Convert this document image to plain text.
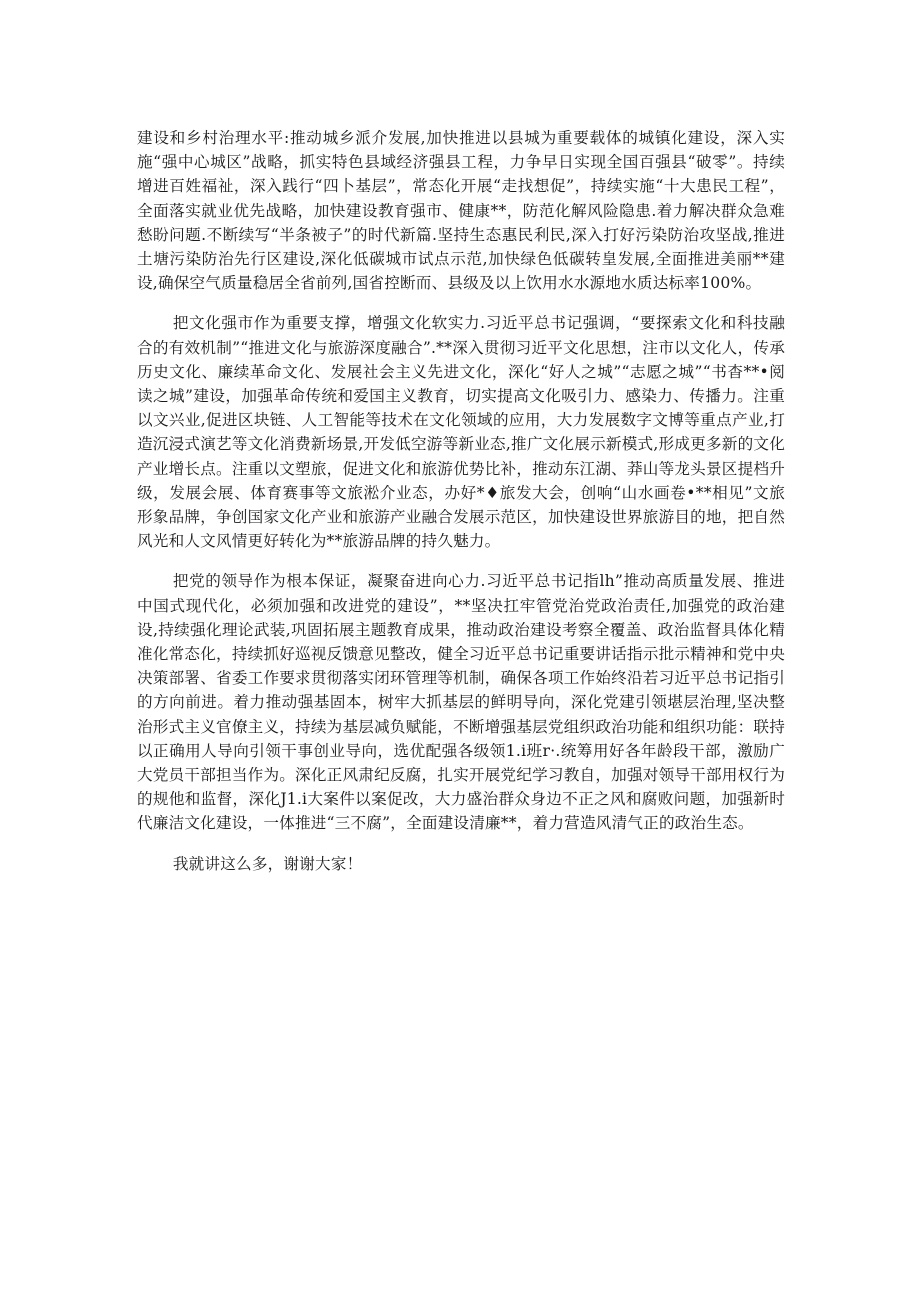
建设和乡村治理水平:推动城乡派介发展,加快推进以县城为重要载体的城镇化建设，深入实施“强中心城区”战略，抓实特色县域经济强县工程，力争早日实现全国百强县“破零”。持续增进百姓福祉，深入践行“四卜基层”，常态化开展“走找想促”，持续实施“十大患民工程”，全面落实就业优先战略，加快建设教育强市、健康**，防范化解风险隐患.着力解决群众急难愁盼问题.不断续写“半条被子”的时代新篇.坚持生态惠民利民,深入打好污染防治攻坚战,推进土塘污染防治先行区建设,深化低碳城市试点示范,加快绿色低碳转皇发展,全面推进美丽**建设,确保空气质量稳居全省前列,国省控断而、县级及以上饮用水水源地水质达标率100%。

把文化强市作为重要支撑，增强文化软实力.习近平总书记强调，“要探索文化和科技融合的有效机制”“推进文化与旅游深度融合”.**深入贯彻习近平文化思想，注市以文化人，传承历史文化、廉续革命文化、发展社会主义先进文化，深化“好人之城”“志愿之城”“书杳**•阅读之城”建设，加强革命传统和爱国主义教育，切实提高文化吸引力、感染力、传播力。注重以文兴业,促进区块链、人工智能等技术在文化领域的应用，大力发展数字文博等重点产业,打造沉浸式演艺等文化消费新场景,开发低空游等新业态,推广文化展示新模式,形成更多新的文化产业增长点。注重以文塑旅，促进文化和旅游优势比补，推动东江湖、莽山等龙头景区提档升级，发展会展、体育赛事等文旅淞介业态，办好*♦旅发大会，创响“山水画卷•**相见”文旅形象品牌，争创国家文化产业和旅游产业融合发展示范区，加快建设世界旅游目的地，把自然风光和人文风情更好转化为**旅游品牌的持久魅力。

把党的领导作为根本保证，凝聚奋进向心力.习近平总书记指lh”推动高质量发展、推进中国式现代化，必须加强和改进党的建设”，**坚决扛牢管党治党政治责任,加强党的政治建设,持续强化理论武装,巩固拓展主题教育成果，推动政治建设考察全覆盖、政治监督具体化精准化常态化，持续抓好巡视反馈意见整改，健全习近平总书记重要讲话指示批示精神和党中央决策部署、省委工作要求贯彻落实闭环管理等机制，确保各项工作始终沿若习近平总书记指引的方向前进。着力推动强基固本，树牢大抓基层的鲜明导向，深化党建引领堪层治理,坚决整治形式主义官僚主义，持续为基层减负赋能，不断增强基层党组织政治功能和组织功能：联持以正确用人导向引领干事创业导向，选优配强各级领1.i班r·.统筹用好各年龄段干部，激励广大党员干部担当作为。深化正风肃纪反腐，扎实开展党纪学习教自，加强对领导干部用权行为的规他和监督，深化J1.i大案件以案促改，大力盛治群众身边不正之风和腐败问题，加强新时代廉洁文化建设，一体推进“三不腐”，全面建设清廉**，着力营造风清气正的政治生态。

我就讲这么多，谢谢大家！
